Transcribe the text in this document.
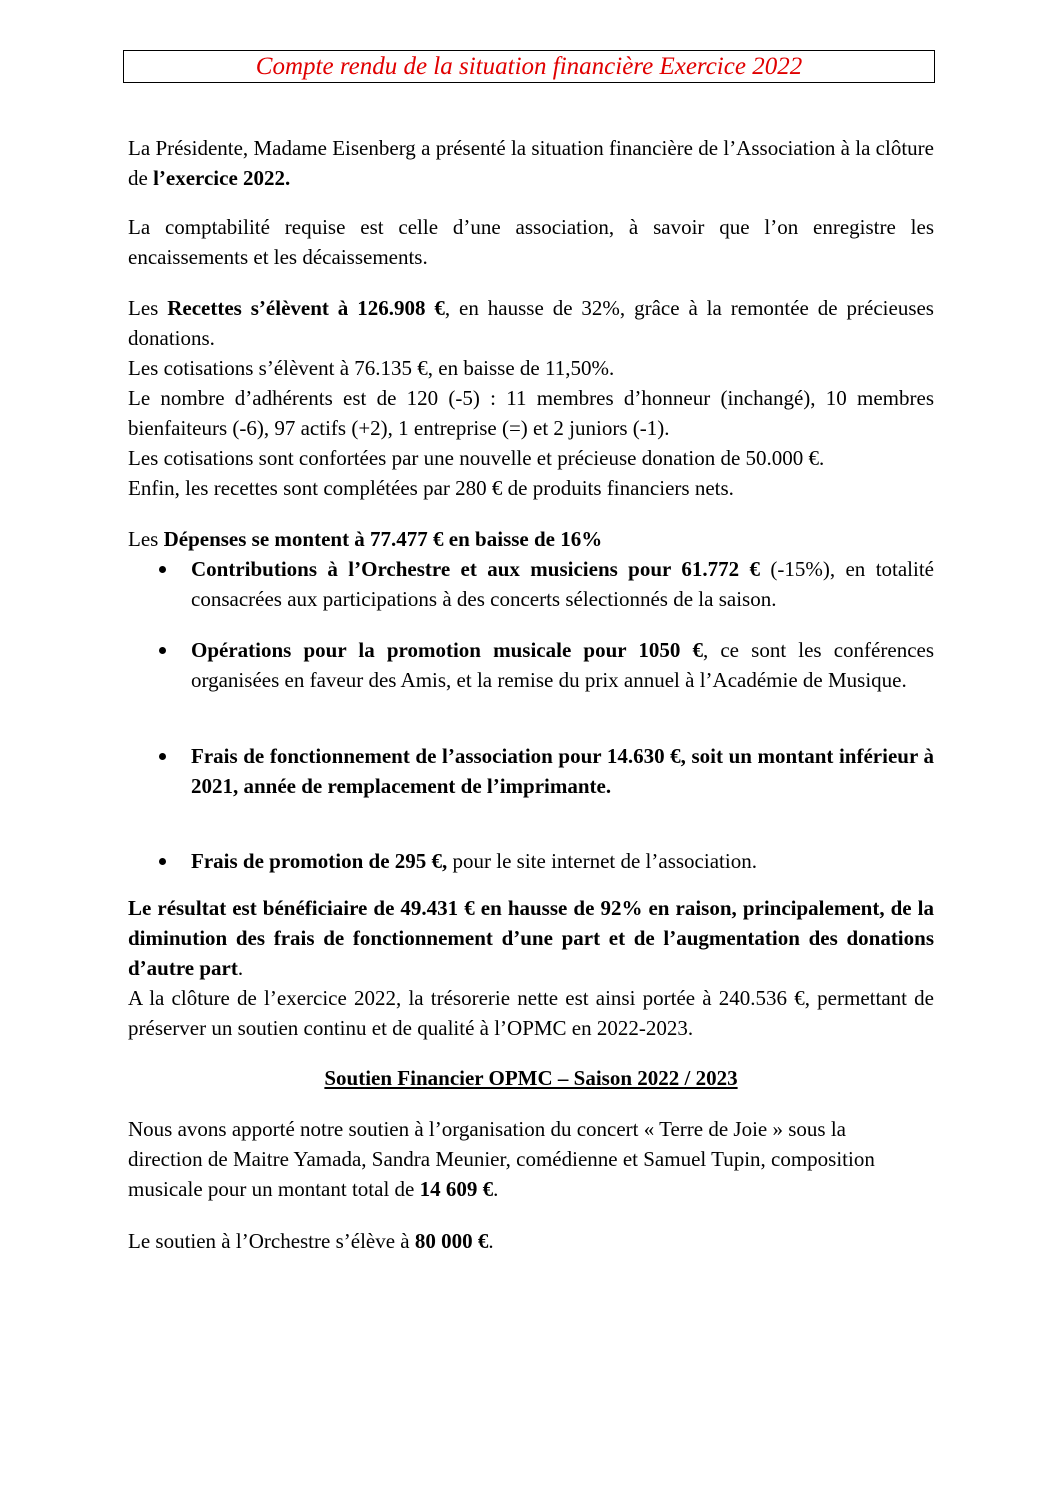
Compte rendu de la situation financière Exercice 2022

La Présidente, Madame Eisenberg a présenté la situation financière de l’Association à la clôture de l’exercice 2022.

La comptabilité requise est celle d’une association, à savoir que l’on enregistre les encaissements et les décaissements.

Les Recettes s’élèvent à 126.908 €, en hausse de 32%, grâce à la remontée de précieuses donations.

Les cotisations s’élèvent à 76.135 €, en baisse de 11,50%.

Le nombre d’adhérents est de 120 (-5) : 11 membres d’honneur (inchangé), 10 membres bienfaiteurs (-6), 97 actifs (+2), 1 entreprise (=) et 2 juniors (-1).

Les cotisations sont confortées par une nouvelle et précieuse donation de 50.000 €.

Enfin, les recettes sont complétées par 280 € de produits financiers nets.

Les Dépenses se montent à 77.477 € en baisse de 16%

Contributions à l’Orchestre et aux musiciens pour 61.772 € (-15%), en totalité consacrées aux participations à des concerts sélectionnés de la saison.
Opérations pour la promotion musicale pour 1050 €, ce sont les conférences organisées en faveur des Amis, et la remise du prix annuel à l’Académie de Musique.
Frais de fonctionnement de l’association pour 14.630 €, soit un montant inférieur à 2021, année de remplacement de l’imprimante.
Frais de promotion de 295 €, pour le site internet de l’association.

Le résultat est bénéficiaire de 49.431 € en hausse de 92% en raison, principalement, de la diminution des frais de fonctionnement d’une part et de l’augmentation des donations d’autre part.

A la clôture de l’exercice 2022, la trésorerie nette est ainsi portée à 240.536 €, permettant de préserver un soutien continu et de qualité à l’OPMC en 2022-2023.

Soutien Financier OPMC – Saison 2022 / 2023

Nous avons apporté notre soutien à l’organisation du concert « Terre de Joie » sous la direction de Maitre Yamada, Sandra Meunier, comédienne et Samuel Tupin, composition musicale pour un montant total de 14 609 €.

Le soutien à l’Orchestre s’élève à 80 000 €.
